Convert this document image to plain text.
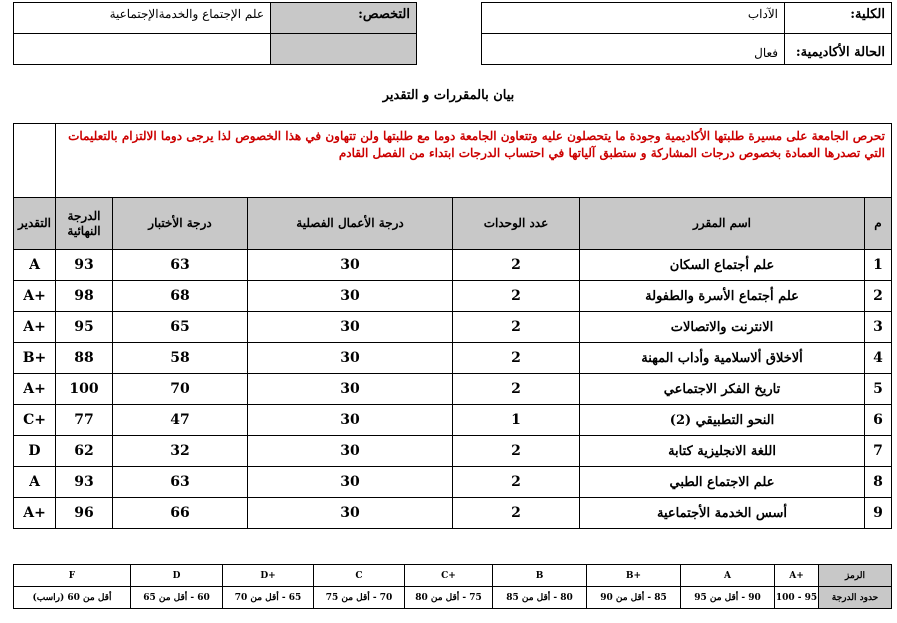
علم الإجتماع والخدمةالإجتماعية	التخصص:
		الآداب	الكلية:
فعال	الحالة الأكاديمية:
بيان بالمقررات و التقدير
تحرص الجامعة على مسيرة طلبتها الأكاديمية وجودة ما يتحصلون عليه وتتعاون الجامعة دوما مع طلبتها ولن تتهاون في هذا الخصوص لذا يرجى دوما الالتزام بالتعليمات التي تصدرها العمادة بخصوص درجات المشاركة و ستطبق آلياتها في احتساب الدرجات ابتداء من الفصل القادم						
م	اسم المقرر	عدد الوحدات	درجة الأعمال الفصلية	درجة الأختبار	الدرجة النهائية	التقدير
1	علم أجتماع السكان	2	30	63	93	A
2	علم أجتماع الأسرة والطفولة	2	30	68	98	A+
3	الانترنت والاتصالات	2	30	65	95	A+
4	ألاخلاق ألاسلامية وأداب المهنة	2	30	58	88	B+
5	تاريخ الفكر الاجتماعي	2	30	70	100	A+
6	النحو التطبيقي (2)	1	30	47	77	C+
7	اللغة الانجليزية كتابة	2	30	32	62	D
8	علم الاجتماع الطبي	2	30	63	93	A
9	أسس الخدمة الأجتماعية	2	30	66	96	A+
الرمز	A+	A	B+	B	C+	C	D+	D	F
حدود الدرجة	95 - 100	90 - أقل من 95	85 - أقل من 90	80 - أقل من 85	75 - أقل من 80	70 - أقل من 75	65 - أقل من 70	60 - أقل من 65	أقل من 60 (راسب)
